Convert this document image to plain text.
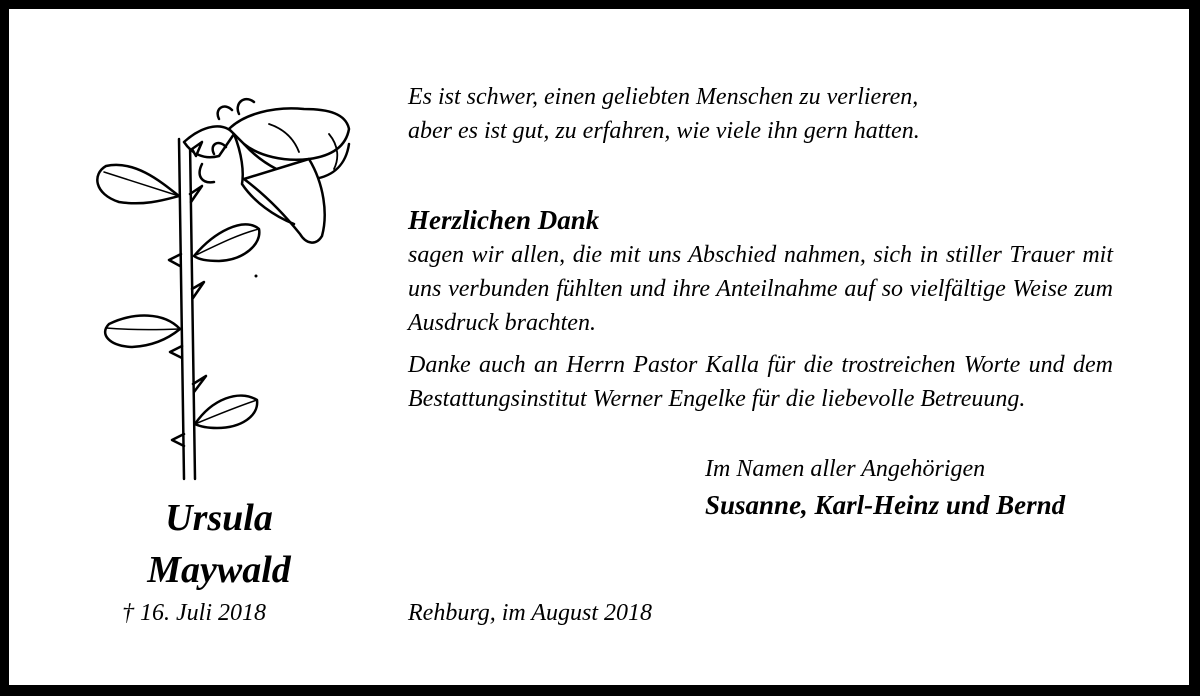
Ursula
Maywald
† 16. Juli 2018
Es ist schwer, einen geliebten Menschen zu verlieren,
aber es ist gut, zu erfahren, wie viele ihn gern hatten.
Herzlichen Dank
sagen wir allen, die mit uns Abschied nahmen, sich in stiller Trauer mit uns verbunden fühlten und ihre Anteilnahme auf so vielfältige Weise zum Ausdruck brachten.
Danke auch an Herrn Pastor Kalla für die trostreichen Worte und dem Bestattungsinstitut Werner Engelke für die liebevolle Betreuung.
Im Namen aller Angehörigen
Susanne, Karl-Heinz und Bernd
Rehburg, im August 2018
